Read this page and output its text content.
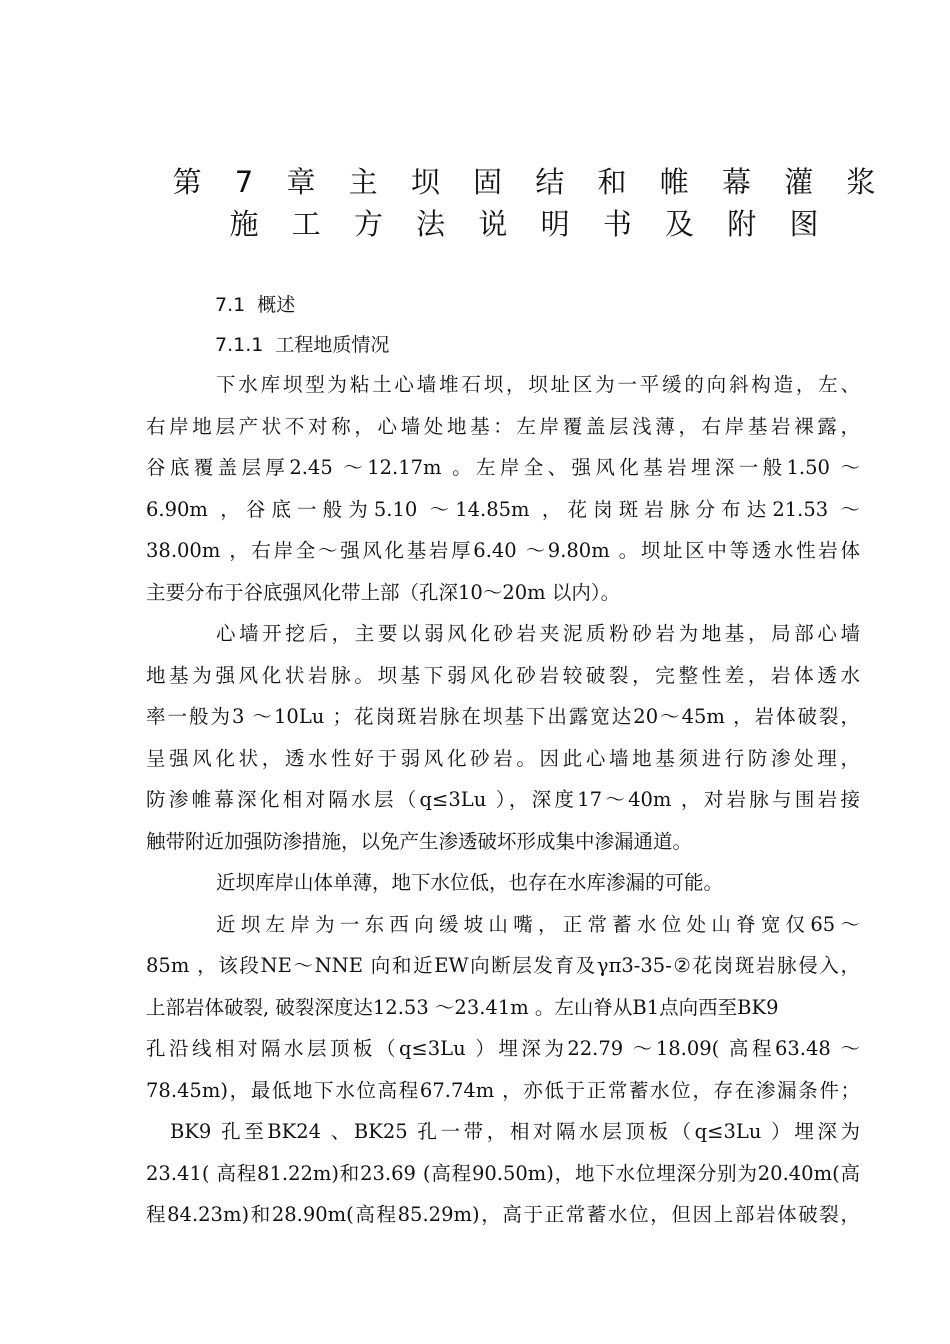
第 7 章 主 坝 固 结 和 帷 幕 灌 浆
施 工 方 法 说 明 书 及 附 图
7.1 概述
7.1.1 工程地质情况
下水库坝型为粘土心墙堆石坝，坝址区为一平缓的向斜构造，左、
右岸地层产状不对称，心墙处地基：左岸覆盖层浅薄，右岸基岩裸露，
谷底覆盖层厚2.45 ～12.17m 。左岸全、强风化基岩埋深一般1.50 ～
6.90m ，谷底一般为5.10 ～14.85m ，花岗斑岩脉分布达21.53 ～
38.00m ，右岸全～强风化基岩厚6.40 ～9.80m 。坝址区中等透水性岩体
主要分布于谷底强风化带上部（孔深10～20m 以内）。
心墙开挖后，主要以弱风化砂岩夹泥质粉砂岩为地基，局部心墙
地基为强风化状岩脉。坝基下弱风化砂岩较破裂，完整性差，岩体透水
率一般为3 ～10Lu ；花岗斑岩脉在坝基下出露宽达20～45m ，岩体破裂，
呈强风化状，透水性好于弱风化砂岩。因此心墙地基须进行防渗处理，
防渗帷幕深化相对隔水层（q≤3Lu ），深度17～40m ，对岩脉与围岩接
触带附近加强防渗措施，以免产生渗透破坏形成集中渗漏通道。
近坝库岸山体单薄，地下水位低，也存在水库渗漏的可能。
近坝左岸为一东西向缓坡山嘴，正常蓄水位处山脊宽仅65～
85m ，该段NE～NNE 向和近EW向断层发育及γπ3-35-②花岗斑岩脉侵入，
上部岩体破裂, 破裂深度达12.53 ～23.41m 。左山脊从B1点向西至BK9
孔沿线相对隔水层顶板（q≤3Lu ）埋深为22.79 ～18.09( 高程63.48 ～
78.45m)，最低地下水位高程67.74m ，亦低于正常蓄水位，存在渗漏条件；
BK9 孔至BK24 、BK25 孔一带，相对隔水层顶板（q≤3Lu ）埋深为
23.41( 高程81.22m)和23.69 (高程90.50m)，地下水位埋深分别为20.40m(高
程84.23m)和28.90m(高程85.29m)，高于正常蓄水位，但因上部岩体破裂，
